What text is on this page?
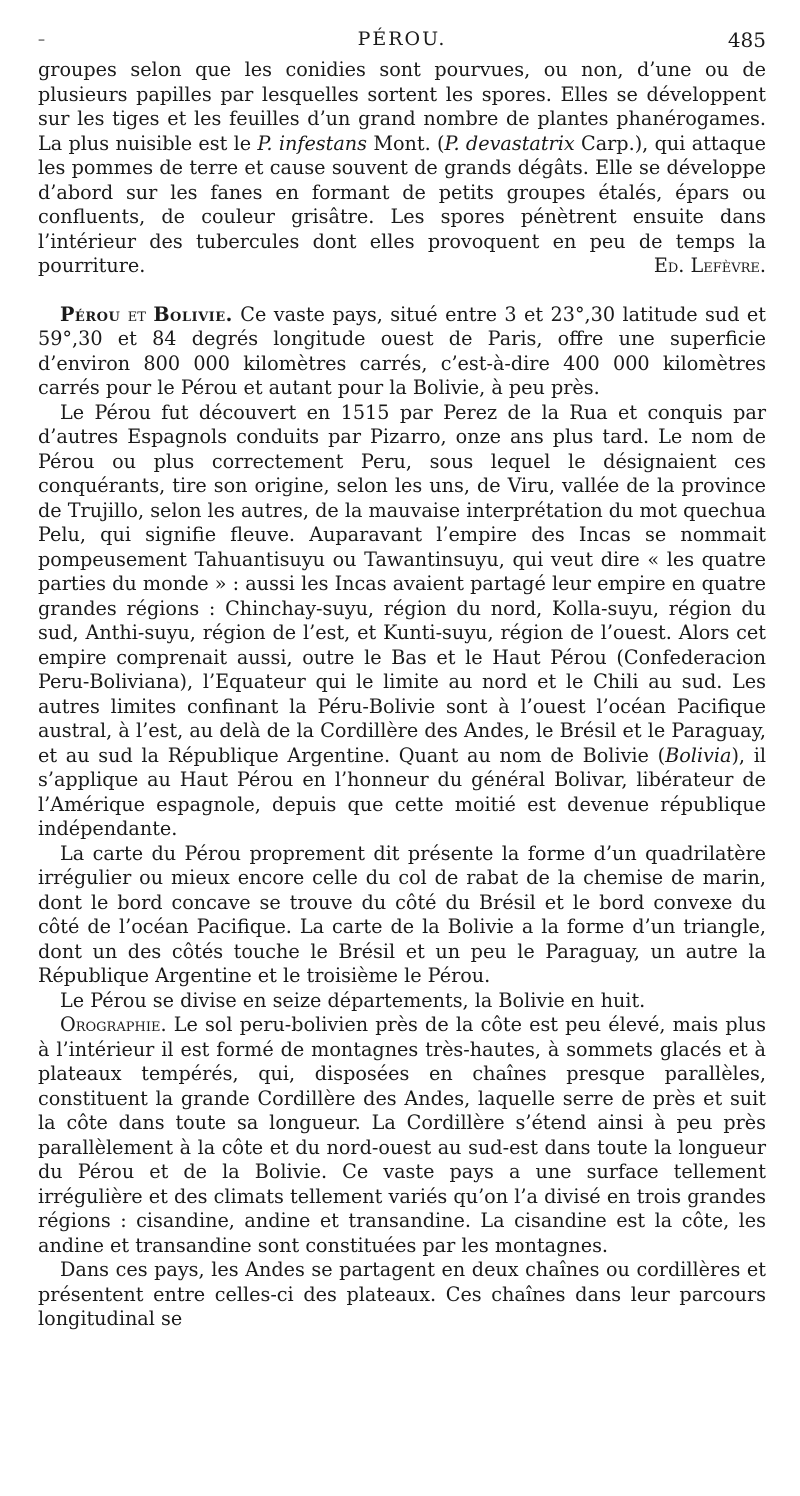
–	PÉROU.	485

groupes selon que les conidies sont pourvues, ou non, d’une ou de plusieurs papilles par lesquelles sortent les spores. Elles se développent sur les tiges et les feuilles d’un grand nombre de plantes phanérogames. La plus nuisible est le P. infestans Mont. (P. devastatrix Carp.), qui attaque les pommes de terre et cause souvent de grands dégâts. Elle se développe d’abord sur les fanes en formant de petits groupes étalés, épars ou confluents, de couleur grisâtre. Les spores pénètrent ensuite dans l’intérieur des tubercules dont elles provoquent en peu de temps la pourriture.	Ed. Lefèvre.

Pérou et Bolivie. Ce vaste pays, situé entre 3 et 23°,30 latitude sud et 59°,30 et 84 degrés longitude ouest de Paris, offre une superficie d’environ 800 000 kilomètres carrés, c’est-à-dire 400 000 kilomètres carrés pour le Pérou et autant pour la Bolivie, à peu près.

Le Pérou fut découvert en 1515 par Perez de la Rua et conquis par d’autres Espagnols conduits par Pizarro, onze ans plus tard. Le nom de Pérou ou plus correctement Peru, sous lequel le désignaient ces conquérants, tire son origine, selon les uns, de Viru, vallée de la province de Trujillo, selon les autres, de la mauvaise interprétation du mot quechua Pelu, qui signifie fleuve. Auparavant l’empire des Incas se nommait pompeusement Tahuantisuyu ou Tawantinsuyu, qui veut dire « les quatre parties du monde » : aussi les Incas avaient partagé leur empire en quatre grandes régions : Chinchay-suyu, région du nord, Kolla-suyu, région du sud, Anthi-suyu, région de l’est, et Kunti-suyu, région de l’ouest. Alors cet empire comprenait aussi, outre le Bas et le Haut Pérou (Confederacion Peru-Boliviana), l’Equateur qui le limite au nord et le Chili au sud. Les autres limites confinant la Péru-Bolivie sont à l’ouest l’océan Pacifique austral, à l’est, au delà de la Cordillère des Andes, le Brésil et le Paraguay, et au sud la République Argentine. Quant au nom de Bolivie (Bolivia), il s’applique au Haut Pérou en l’honneur du général Bolivar, libérateur de l’Amérique espagnole, depuis que cette moitié est devenue république indépendante.

La carte du Pérou proprement dit présente la forme d’un quadrilatère irrégulier ou mieux encore celle du col de rabat de la chemise de marin, dont le bord concave se trouve du côté du Brésil et le bord convexe du côté de l’océan Pacifique. La carte de la Bolivie a la forme d’un triangle, dont un des côtés touche le Brésil et un peu le Paraguay, un autre la République Argentine et le troisième le Pérou.

Le Pérou se divise en seize départements, la Bolivie en huit.

Orographie. Le sol peru-bolivien près de la côte est peu élevé, mais plus à l’intérieur il est formé de montagnes très-hautes, à sommets glacés et à plateaux tempérés, qui, disposées en chaînes presque parallèles, constituent la grande Cordillère des Andes, laquelle serre de près et suit la côte dans toute sa longueur. La Cordillère s’étend ainsi à peu près parallèlement à la côte et du nord-ouest au sud-est dans toute la longueur du Pérou et de la Bolivie. Ce vaste pays a une surface tellement irrégulière et des climats tellement variés qu’on l’a divisé en trois grandes régions : cisandine, andine et transandine. La cisandine est la côte, les andine et transandine sont constituées par les montagnes.

Dans ces pays, les Andes se partagent en deux chaînes ou cordillères et présentent entre celles-ci des plateaux. Ces chaînes dans leur parcours longitudinal se
